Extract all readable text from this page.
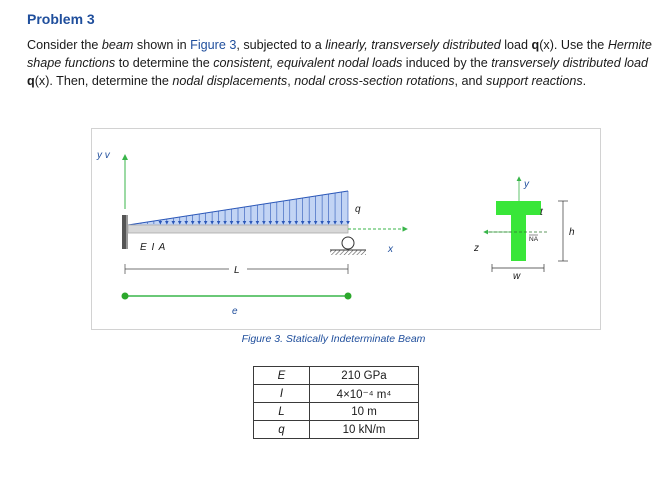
Problem 3
Consider the beam shown in Figure 3, subjected to a linearly, transversely distributed load q(x). Use the Hermite shape functions to determine the consistent, equivalent nodal loads induced by the transversely distributed load q(x). Then, determine the nodal displacements, nodal cross-section rotations, and support reactions.
y v
x
q
E I A
L
e
y
z
NA
t
h
w
Figure 3. Statically Indeterminate Beam
E	210 GPa
I	4×10⁻⁴ m⁴
L	10 m
q	10 kN/m
